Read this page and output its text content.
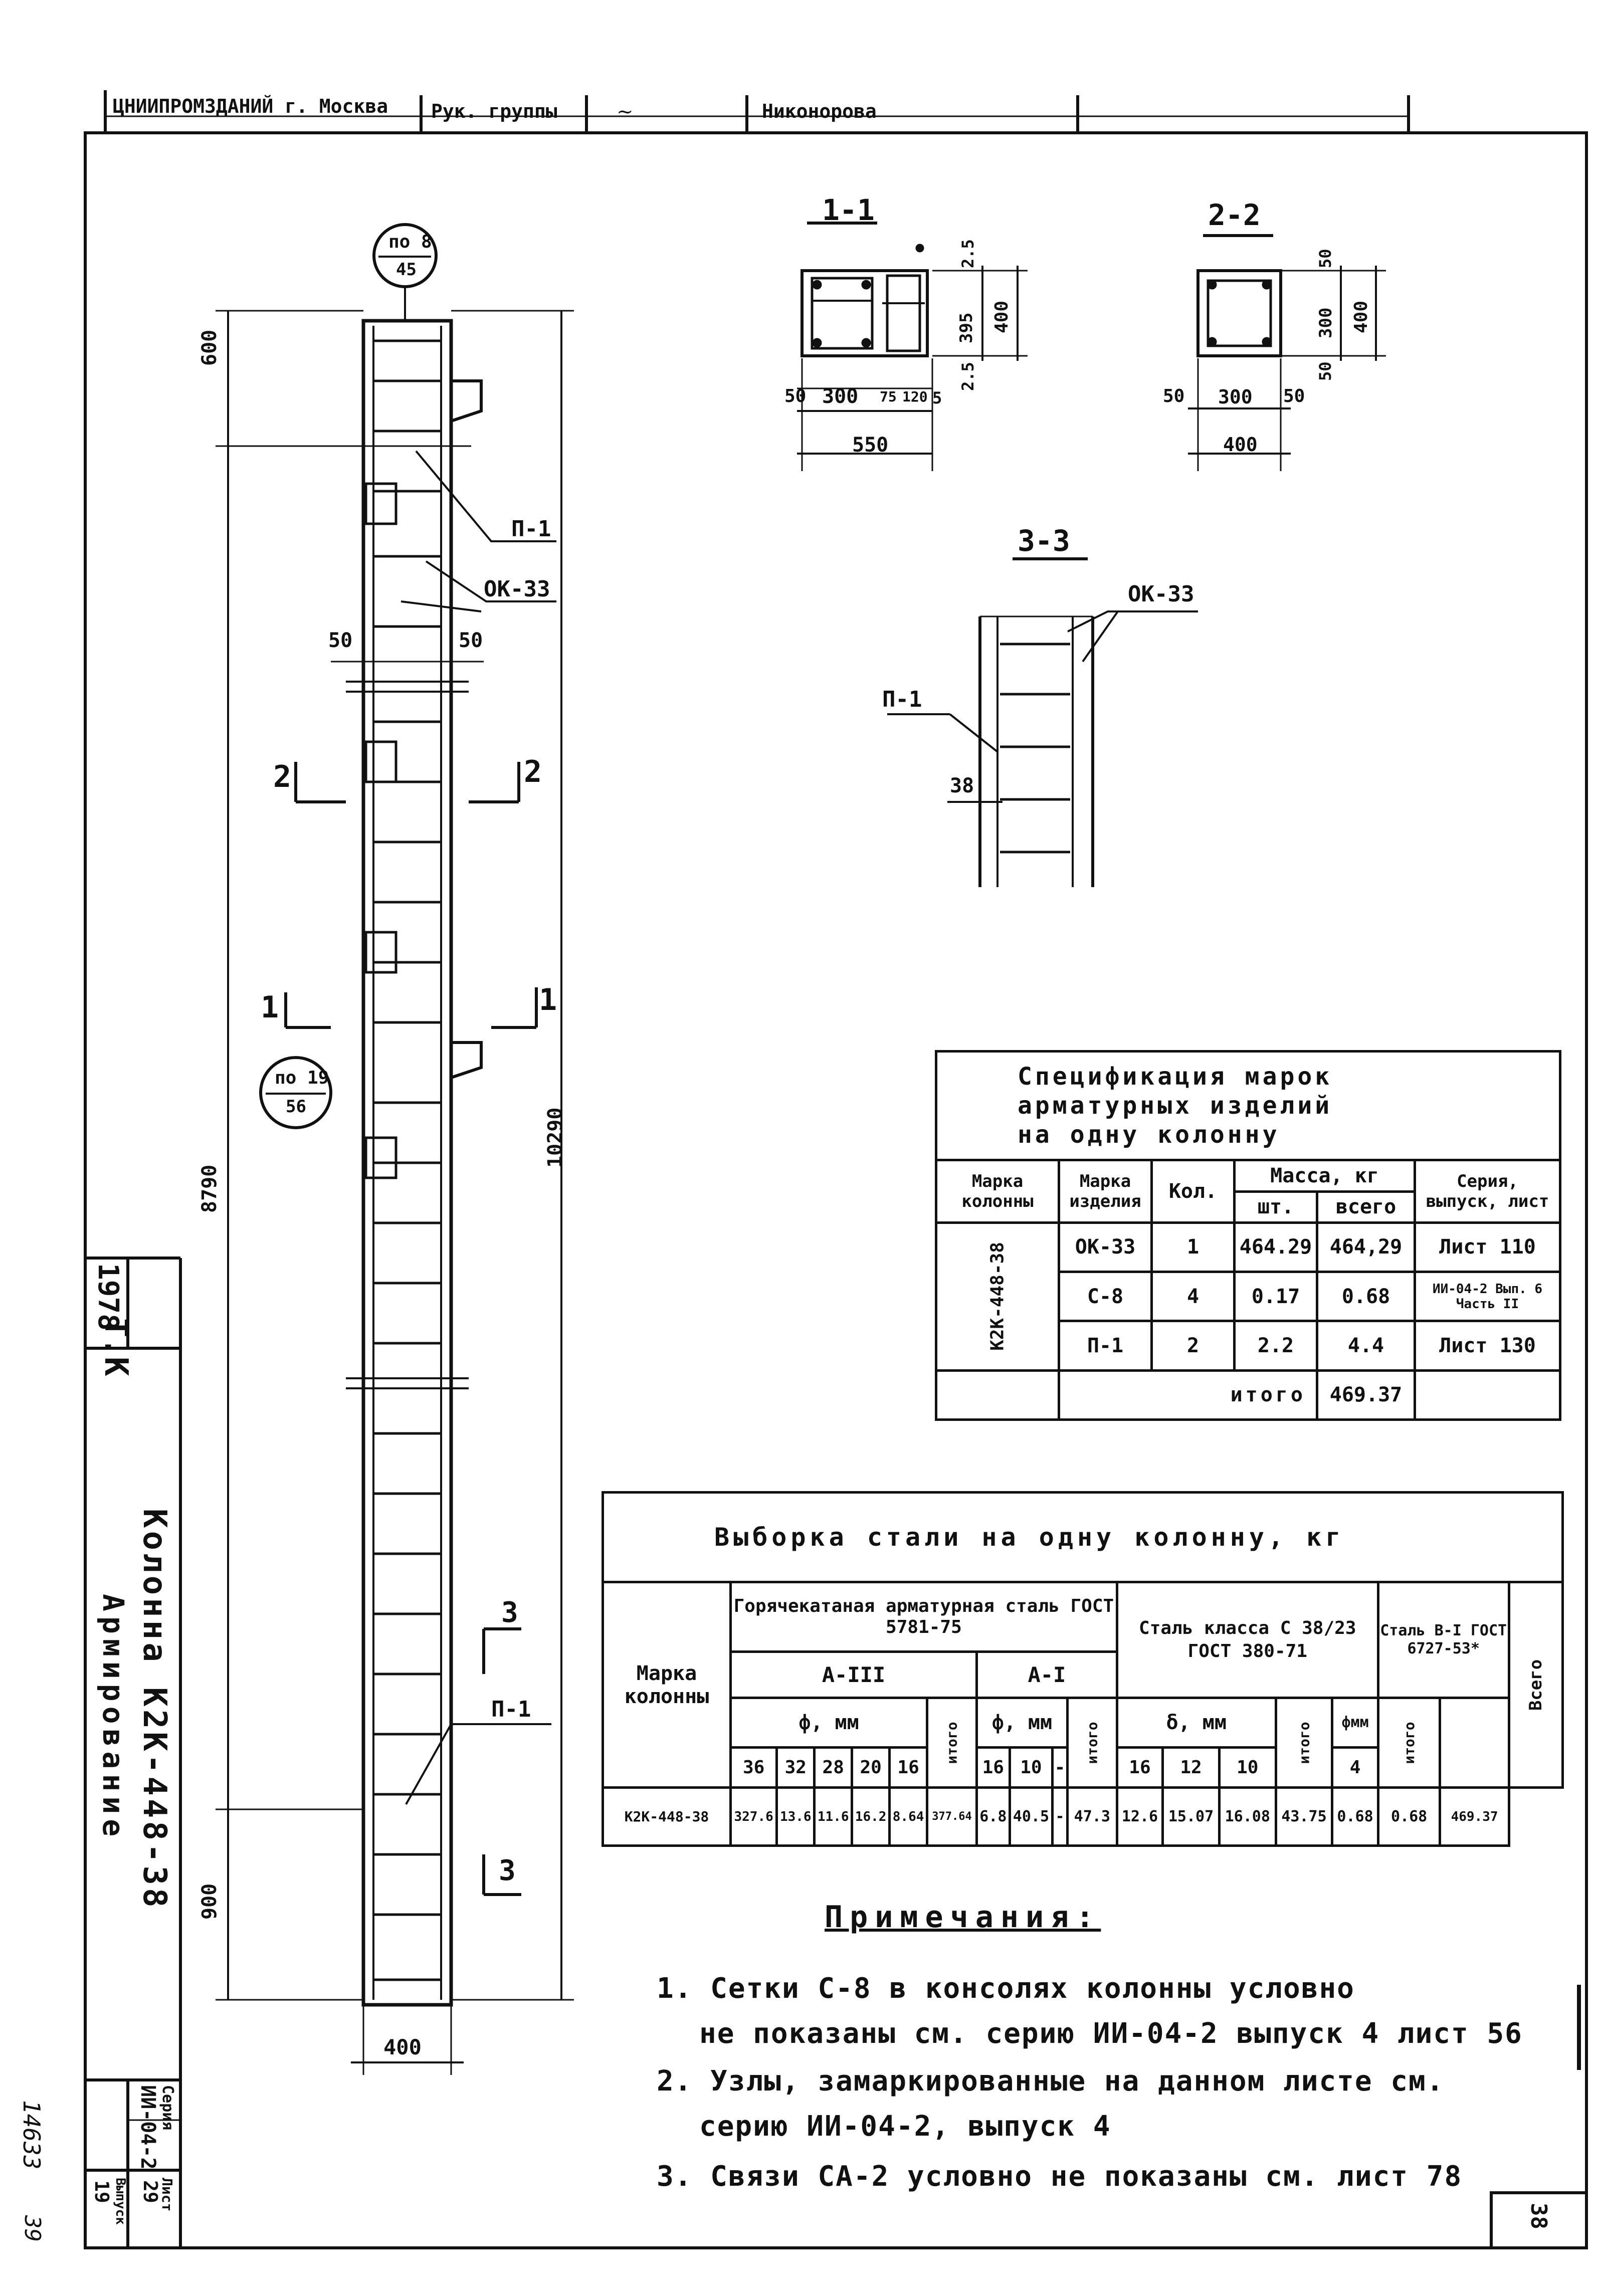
ЦНИИПРОМЗДАНИЙ г. Москва Рук. группы	~	Никонорова
по 8
45
по 19
56
600
8790
10290
900
400
50	50
П-1
ОК-33
П-1
2	2
1	1
3
3
1-1
50 300 75 120 5
550
2.5
395
2.5
400
2-2
50 300 50
400
50
300
50
400
3-3
ОК-33
П-1
38
Спецификация марок
арматурных изделий
на одну колонну					

Марка колонны	Марка изделия	Кол.	Масса, кг		Серия, выпуск, лист
			шт.	всего	

К2К-448-38	ОК-33	1	464.29	464,29	Лист 110
	С-8	4	0.17	0.68	ИИ-04-2 Вып. 6 Часть II
	П-1	2	2.2	4.4	Лист 130
	итого			469.37	
Выборка стали на одну колонну, кг																		
Марка колонны	Горячекатаная арматурная сталь ГОСТ 5781-75										Сталь класса С 38/23 ГОСТ 380-71					Сталь В-I ГОСТ 6727-53*		Всего

	А-III						А-I											
	ф, мм					итого	ф, мм			итого	δ, мм			итого	фмм	итого		

	36	32	28	20	16		16	10	-		16	12	10		4			
К2К-448-38	327.6	13.6	11.6	16.2	8.64	377.64	6.8	40.5	-	47.3	12.6	15.07	16.08	43.75	0.68	0.68	469.37	
Примечания:
1. Сетки С-8 в консолях колонны условно
не показаны см. серию ИИ-04-2 выпуск 4 лист 56
2. Узлы, замаркированные на данном листе см.
серию ИИ-04-2, выпуск 4
3. Связи СА-2 условно не показаны см. лист 78
Т.К
1978
Колонна К2К-448-38
Армирование
Серия
ИИ-04-2
Выпуск
19	Лист
29
14633
39	38
